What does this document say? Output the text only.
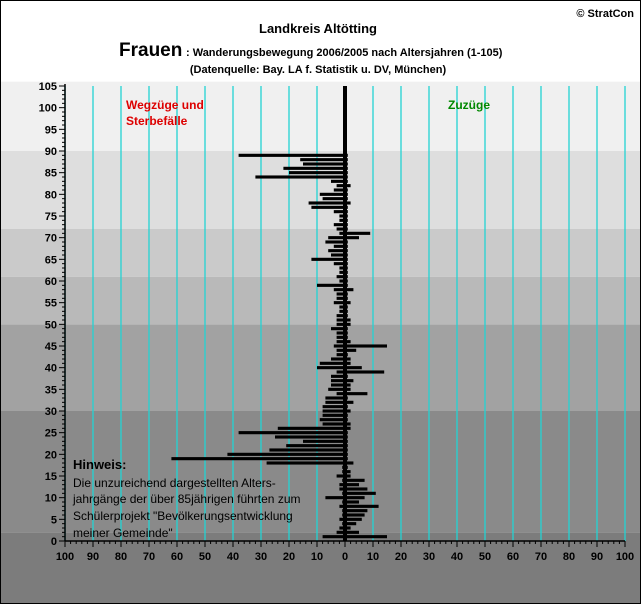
0
5
10
15
20
25
30
35
40
45
50
55
60
65
70
75
80
85
90
95
100
105
100 90 80 70 60 50 40 30 20 10 0 10 20 30 40 50 60 70 80 90 100
Landkreis Altötting
Frauen : Wanderungsbewegung 2006/2005 nach Altersjahren (1-105)
(Datenquelle: Bay. LA f. Statistik u. DV, München)
© StratCon
Wegzüge und
Sterbefälle
Zuzüge
Hinweis:
Die unzureichend dargestellten Alters-
jahrgänge der über 85jährigen führten zum
Schülerprojekt "Bevölkerungsentwicklung
meiner Gemeinde"
